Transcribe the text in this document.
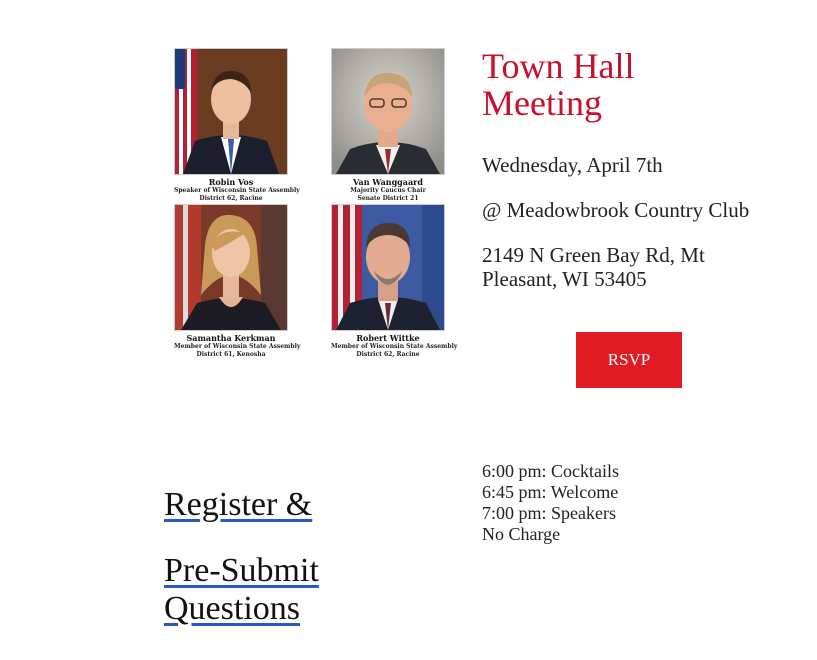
Robin Vos
Speaker of Wisconsin State Assembly
District 62, Racine
Van Wanggaard
Majority Caucus Chair
Senate District 21
Samantha Kerkman
Member of Wisconsin State Assembly
District 61, Kenosha
Robert Wittke
Member of Wisconsin State Assembly
District 62, Racine
Town Hall
Meeting
Wednesday, April 7th
@ Meadowbrook Country Club
2149 N Green Bay Rd, Mt Pleasant, WI 53405
RSVP
6:00 pm: Cocktails
6:45 pm: Welcome
7:00 pm: Speakers
No Charge
Register &
Pre-Submit Questions
